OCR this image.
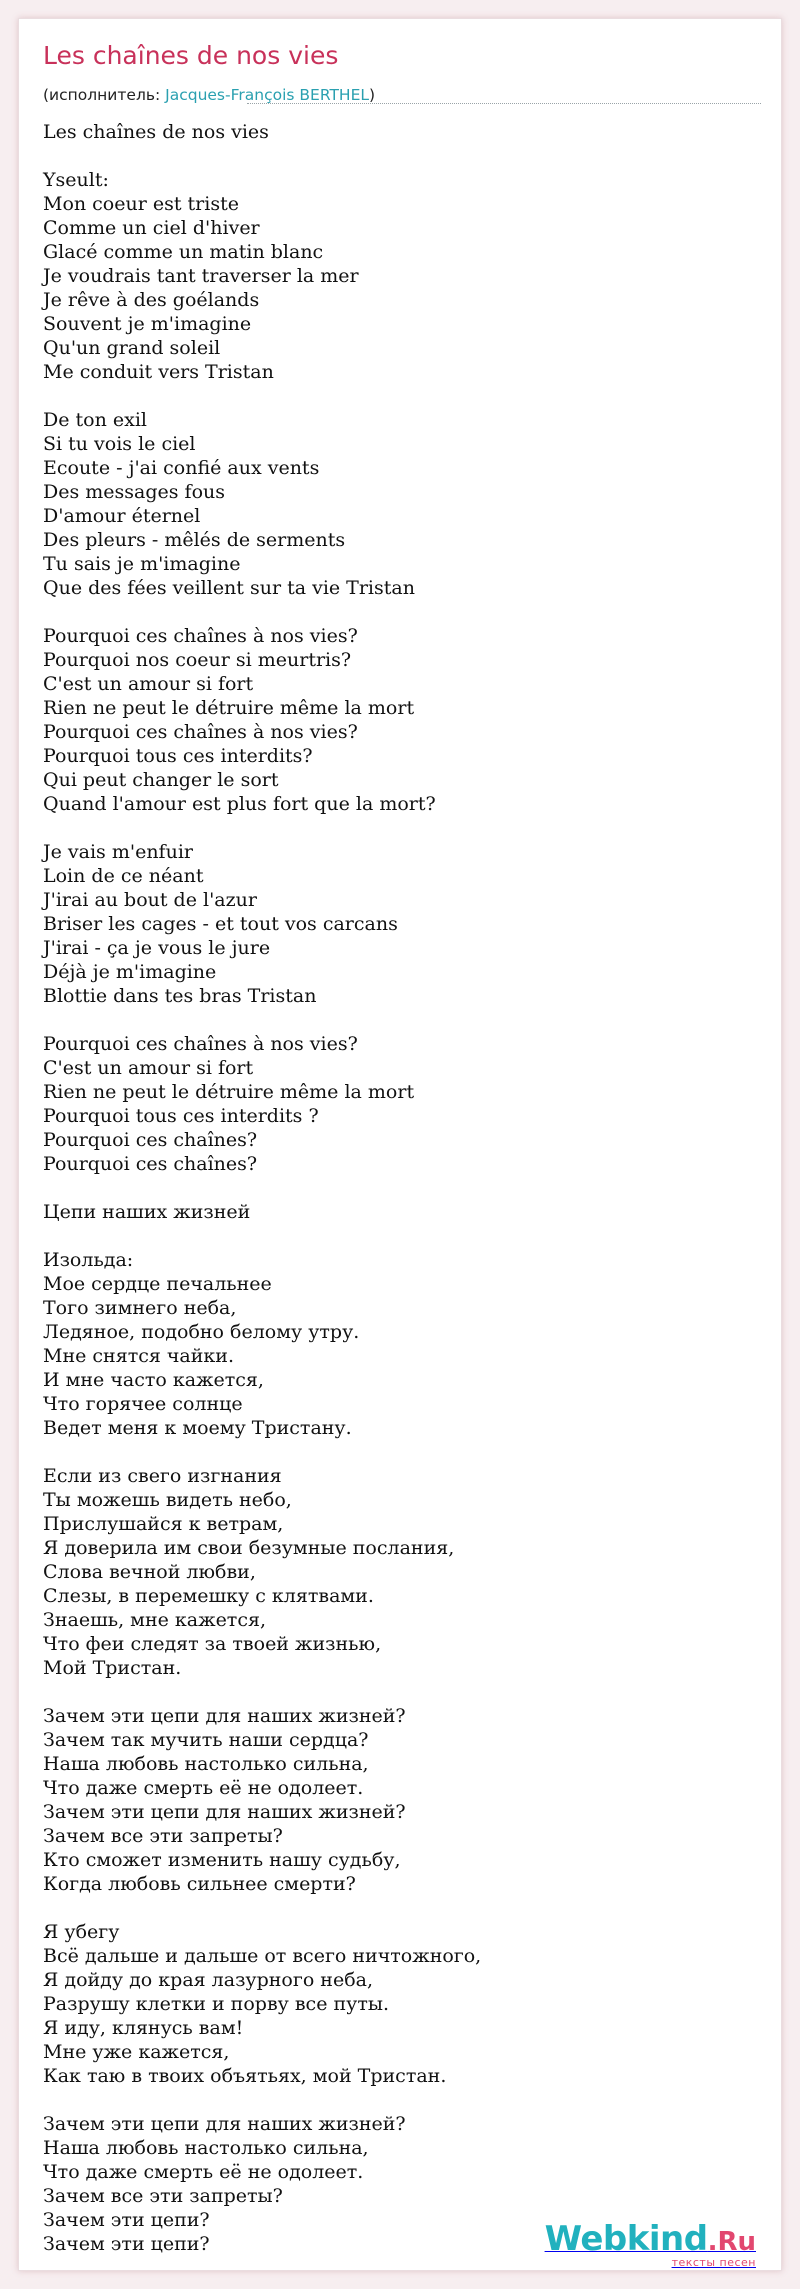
Les chaînes de nos vies
(исполнитель: Jacques-François BERTHEL)
Les chaînes de nos vies

Yseult:
Mon coeur est triste
Comme un ciel d'hiver
Glacé comme un matin blanc
Je voudrais tant traverser la mer
Je rêve à des goélands
Souvent je m'imagine
Qu'un grand soleil
Me conduit vers Tristan

De ton exil
Si tu vois le ciel
Ecoute - j'ai confié aux vents
Des messages fous
D'amour éternel
Des pleurs - mêlés de serments
Tu sais je m'imagine
Que des fées veillent sur ta vie Tristan

Pourquoi ces chaînes à nos vies?
Pourquoi nos coeur si meurtris?
C'est un amour si fort
Rien ne peut le détruire même la mort
Pourquoi ces chaînes à nos vies?
Pourquoi tous ces interdits?
Qui peut changer le sort
Quand l'amour est plus fort que la mort?

Je vais m'enfuir
Loin de ce néant
J'irai au bout de l'azur
Briser les cages - et tout vos carcans
J'irai - ça je vous le jure
Déjà je m'imagine
Blottie dans tes bras Tristan

Pourquoi ces chaînes à nos vies?
C'est un amour si fort
Rien ne peut le détruire même la mort
Pourquoi tous ces interdits ?
Pourquoi ces chaînes?
Pourquoi ces chaînes?

Цепи наших жизней

Изольда:
Мое сердце печальнее
Того зимнего неба,
Ледяное, подобно белому утру.
Мне снятся чайки.
И мне часто кажется,
Что горячее солнце
Ведет меня к моему Тристану.

Если из свего изгнания
Ты можешь видеть небо,
Прислушайся к ветрам,
Я доверила им свои безумные послания,
Слова вечной любви,
Слезы, в перемешку с клятвами.
Знаешь, мне кажется,
Что феи следят за твоей жизнью,
Мой Тристан.

Зачем эти цепи для наших жизней?
Зачем так мучить наши сердца?
Наша любовь настолько сильна,
Что даже смерть её не одолеет.
Зачем эти цепи для наших жизней?
Зачем все эти запреты?
Кто сможет изменить нашу судьбу,
Когда любовь сильнее смерти?

Я убегу
Всё дальше и дальше от всего ничтожного,
Я дойду до края лазурного неба,
Разрушу клетки и порву все путы.
Я иду, клянусь вам!
Мне уже кажется,
Как таю в твоих объятьях, мой Тристан.

Зачем эти цепи для наших жизней?
Наша любовь настолько сильна,
Что даже смерть её не одолеет.
Зачем все эти запреты?
Зачем эти цепи?
Зачем эти цепи?	Webkind.Ru
тексты песен
